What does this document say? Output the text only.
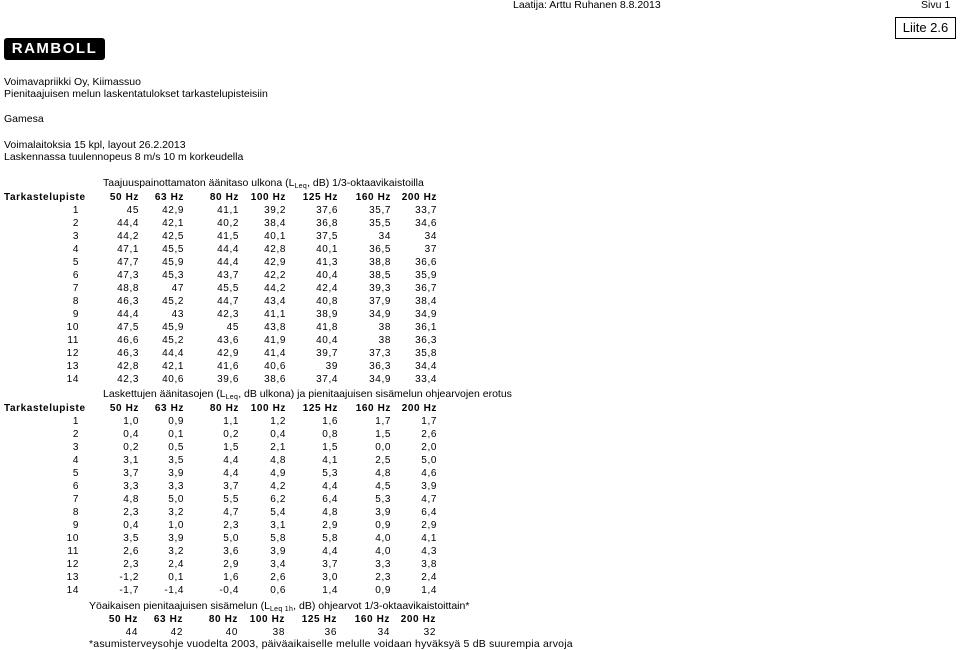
Laatija: Arttu Ruhanen 8.8.2013	Sivu 1
Liite 2.6
RAMBOLL
Voimavapriikki Oy, Kiimassuo
Pienitaajuisen melun laskentatulokset tarkastelupisteisiin
Gamesa
Voimalaitoksia 15 kpl, layout 26.2.2013
Laskennassa tuulennopeus 8 m/s 10 m korkeudella
Taajuuspainottamaton äänitaso ulkona ($L_{Leq}$, dB) 1/3-oktaavikaistoilla
Tarkastelupiste	50 Hz	63 Hz	80 Hz	100 Hz	125 Hz	160 Hz	200 Hz
1	45	42,9	41,1	39,2	37,6	35,7	33,7
2	44,4	42,1	40,2	38,4	36,8	35,5	34,6
3	44,2	42,5	41,5	40,1	37,5	34	34
4	47,1	45,5	44,4	42,8	40,1	36,5	37
5	47,7	45,9	44,4	42,9	41,3	38,8	36,6
6	47,3	45,3	43,7	42,2	40,4	38,5	35,9
7	48,8	47	45,5	44,2	42,4	39,3	36,7
8	46,3	45,2	44,7	43,4	40,8	37,9	38,4
9	44,4	43	42,3	41,1	38,9	34,9	34,9
10	47,5	45,9	45	43,8	41,8	38	36,1
11	46,6	45,2	43,6	41,9	40,4	38	36,3
12	46,3	44,4	42,9	41,4	39,7	37,3	35,8
13	42,8	42,1	41,6	40,6	39	36,3	34,4
14	42,3	40,6	39,6	38,6	37,4	34,9	33,4
Laskettujen äänitasojen ($L_{Leq}$, dB ulkona) ja pienitaajuisen sisämelun ohjearvojen erotus
Tarkastelupiste	50 Hz	63 Hz	80 Hz	100 Hz	125 Hz	160 Hz	200 Hz
1	1,0	0,9	1,1	1,2	1,6	1,7	1,7
2	0,4	0,1	0,2	0,4	0,8	1,5	2,6
3	0,2	0,5	1,5	2,1	1,5	0,0	2,0
4	3,1	3,5	4,4	4,8	4,1	2,5	5,0
5	3,7	3,9	4,4	4,9	5,3	4,8	4,6
6	3,3	3,3	3,7	4,2	4,4	4,5	3,9
7	4,8	5,0	5,5	6,2	6,4	5,3	4,7
8	2,3	3,2	4,7	5,4	4,8	3,9	6,4
9	0,4	1,0	2,3	3,1	2,9	0,9	2,9
10	3,5	3,9	5,0	5,8	5,8	4,0	4,1
11	2,6	3,2	3,6	3,9	4,4	4,0	4,3
12	2,3	2,4	2,9	3,4	3,7	3,3	3,8
13	-1,2	0,1	1,6	2,6	3,0	2,3	2,4
14	-1,7	-1,4	-0,4	0,6	1,4	0,9	1,4
Yöaikaisen pienitaajuisen sisämelun ($L_{Leq 1h}$, dB) ohjearvot 1/3-oktaavikaistoittain*
50 Hz	63 Hz	80 Hz	100 Hz	125 Hz	160 Hz	200 Hz
44	42	40	38	36	34	32
*asumisterveysohje vuodelta 2003, päiväaikaiselle melulle voidaan hyväksyä 5 dB suurempia arvoja
